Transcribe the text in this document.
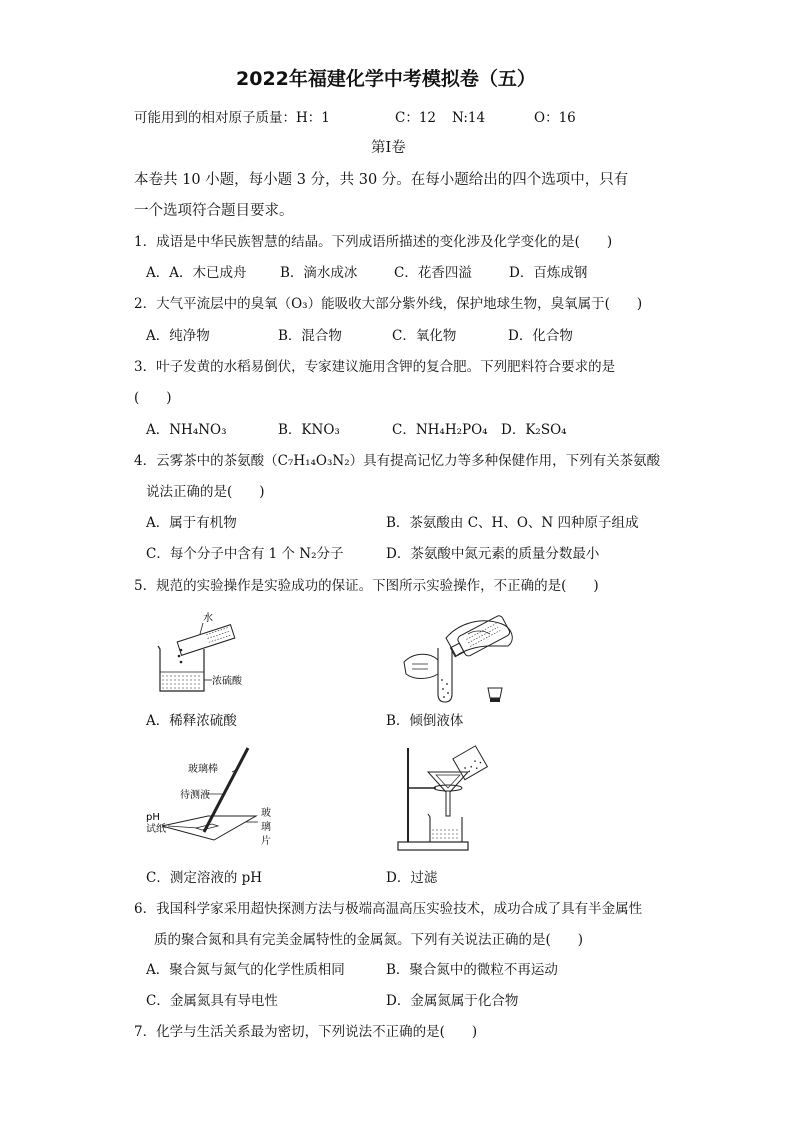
2022年福建化学中考模拟卷（五）
可能用到的相对原子质量：H：1	C：12 N:14	O：16
第Ⅰ卷
本卷共 10 小题，每小题 3 分，共 30 分。在每小题给出的四个选项中，只有
一个选项符合题目要求。
1．成语是中华民族智慧的结晶。下列成语所描述的变化涉及化学变化的是(　　)
A．A．木已成舟 B．滴水成冰	C．花香四溢	D．百炼成钢
2．大气平流层中的臭氧（O₃）能吸收大部分紫外线，保护地球生物，臭氧属于(　　)
A．纯净物	B．混合物	C．氧化物	D．化合物
3．叶子发黄的水稻易倒伏，专家建议施用含钾的复合肥。下列肥料符合要求的是
(　　)
A．NH₄NO₃	B．KNO₃	C．NH₄H₂PO₄ D．K₂SO₄
4．云雾茶中的茶氨酸（C₇H₁₄O₃N₂）具有提高记忆力等多种保健作用，下列有关茶氨酸
说法正确的是(　　)
A．属于有机物	B．茶氨酸由 C、H、O、N 四种原子组成
C．每个分子中含有 1 个 N₂分子	D．茶氨酸中氮元素的质量分数最小
5．规范的实验操作是实验成功的保证。下图所示实验操作，不正确的是(　　)
水
浓硫酸
A．稀释浓硫酸	B．倾倒液体
玻璃棒
待测液
pH
试纸
玻
璃
片
C．测定溶液的 pH	D．过滤
6．我国科学家采用超快探测方法与极端高温高压实验技术，成功合成了具有半金属性
质的聚合氮和具有完美金属特性的金属氮。下列有关说法正确的是(　　)
A．聚合氮与氮气的化学性质相同	B．聚合氮中的微粒不再运动
C．金属氮具有导电性	D．金属氮属于化合物
7．化学与生活关系最为密切，下列说法不正确的是(　　)
